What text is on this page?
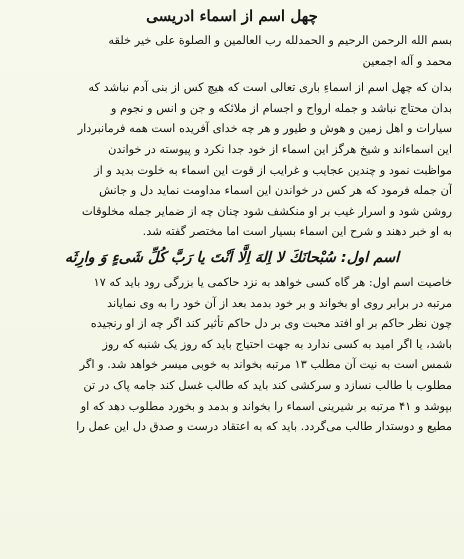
چهل اسم از اسماء ادریسی
بسم الله الرحمن الرحیم و الحمدلله رب العالمین و الصلوة علی خیر خلقه
محمد و آله اجمعین
بدان که چهل اسم از اسماءِ باری تعالی است که هیچ کس از بنی آدم نباشد که
بدان محتاج نباشد و جمله ارواح و اجسام از ملائکه و جن و انس و نجوم و
سیارات و اهل زمین و هوش و طیور و هر چه خدای آفریده است همه فرمانبردار
این اسماءاند و شیخ هرگز این اسماء از خود جدا نکرد و پیوسته در خواندن
مواظبت نمود و چندین عجایب و غرایب از قوت این اسماء به خلوت بدید و از
آن جمله فرمود که هر کس در خواندن این اسماء مداومت نماید دل و جانش
روشن شود و اسرار غیب بر او منکشف شود چنان چه از ضمایر جمله مخلوقات
به او خبر دهند و شرح این اسماء بسیار است اما مختصر گفته شد.
اسم اول: سُبْحانَكَ لا اِلهَ اِلَّا اَنْتَ يا رَبَّ كُلِّ شَیءٍ وَ وارِثَه
خاصیت اسم اول: هر گاه کسی خواهد به نزد حاکمی یا بزرگی رود باید که ۱۷
مرتبه در برابر روی او بخواند و بر خود بدمد بعد از آن خود را به وی نمایاند
چون نظر حاکم بر او افتد محبت وی بر دل حاکم تأثیر کند اگر چه از او رنجیده
باشد، یا اگر امید به کسی ندارد به جهت احتیاج باید که روز یک شنبه که روز
شمس است به نیت آن مطلب ۱۳ مرتبه بخواند به خوبی میسر خواهد شد. و اگر
مطلوب با طالب نسازد و سرکشی کند باید که طالب غسل کند جامه پاک در تن
بپوشد و ۴۱ مرتبه بر شیرینی اسماء را بخواند و بدمد و بخورد مطلوب دهد که او
مطیع و دوستدار طالب می‌گردد. باید که به اعتقاد درست و صدق دل این عمل را
